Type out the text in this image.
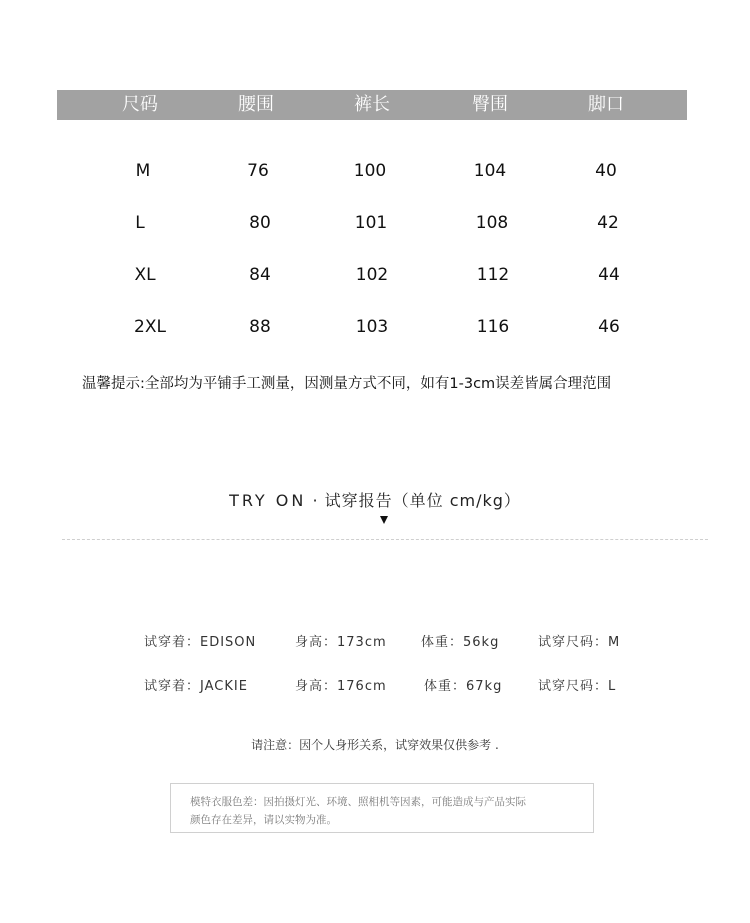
尺码	腰围	裤长	臀围	脚口
M	76	100	104	40
L	80	101	108	42
XL	84	102	112	44
2XL	88	103	116	46
温馨提示:全部均为平铺手工测量，因测量方式不同，如有1-3cm误差皆属合理范围
TRY ON · 试穿报告（单位 cm/kg）
试穿着：EDISON	身高：173cm	体重：56kg	试穿尺码：M
试穿着：JACKIE	身高：176cm	体重：67kg	试穿尺码：L
请注意：因个人身形关系，试穿效果仅供参考 .
模特衣服色差：因拍摄灯光、环境、照相机等因素，可能造成与产品实际
颜色存在差异，请以实物为准。
